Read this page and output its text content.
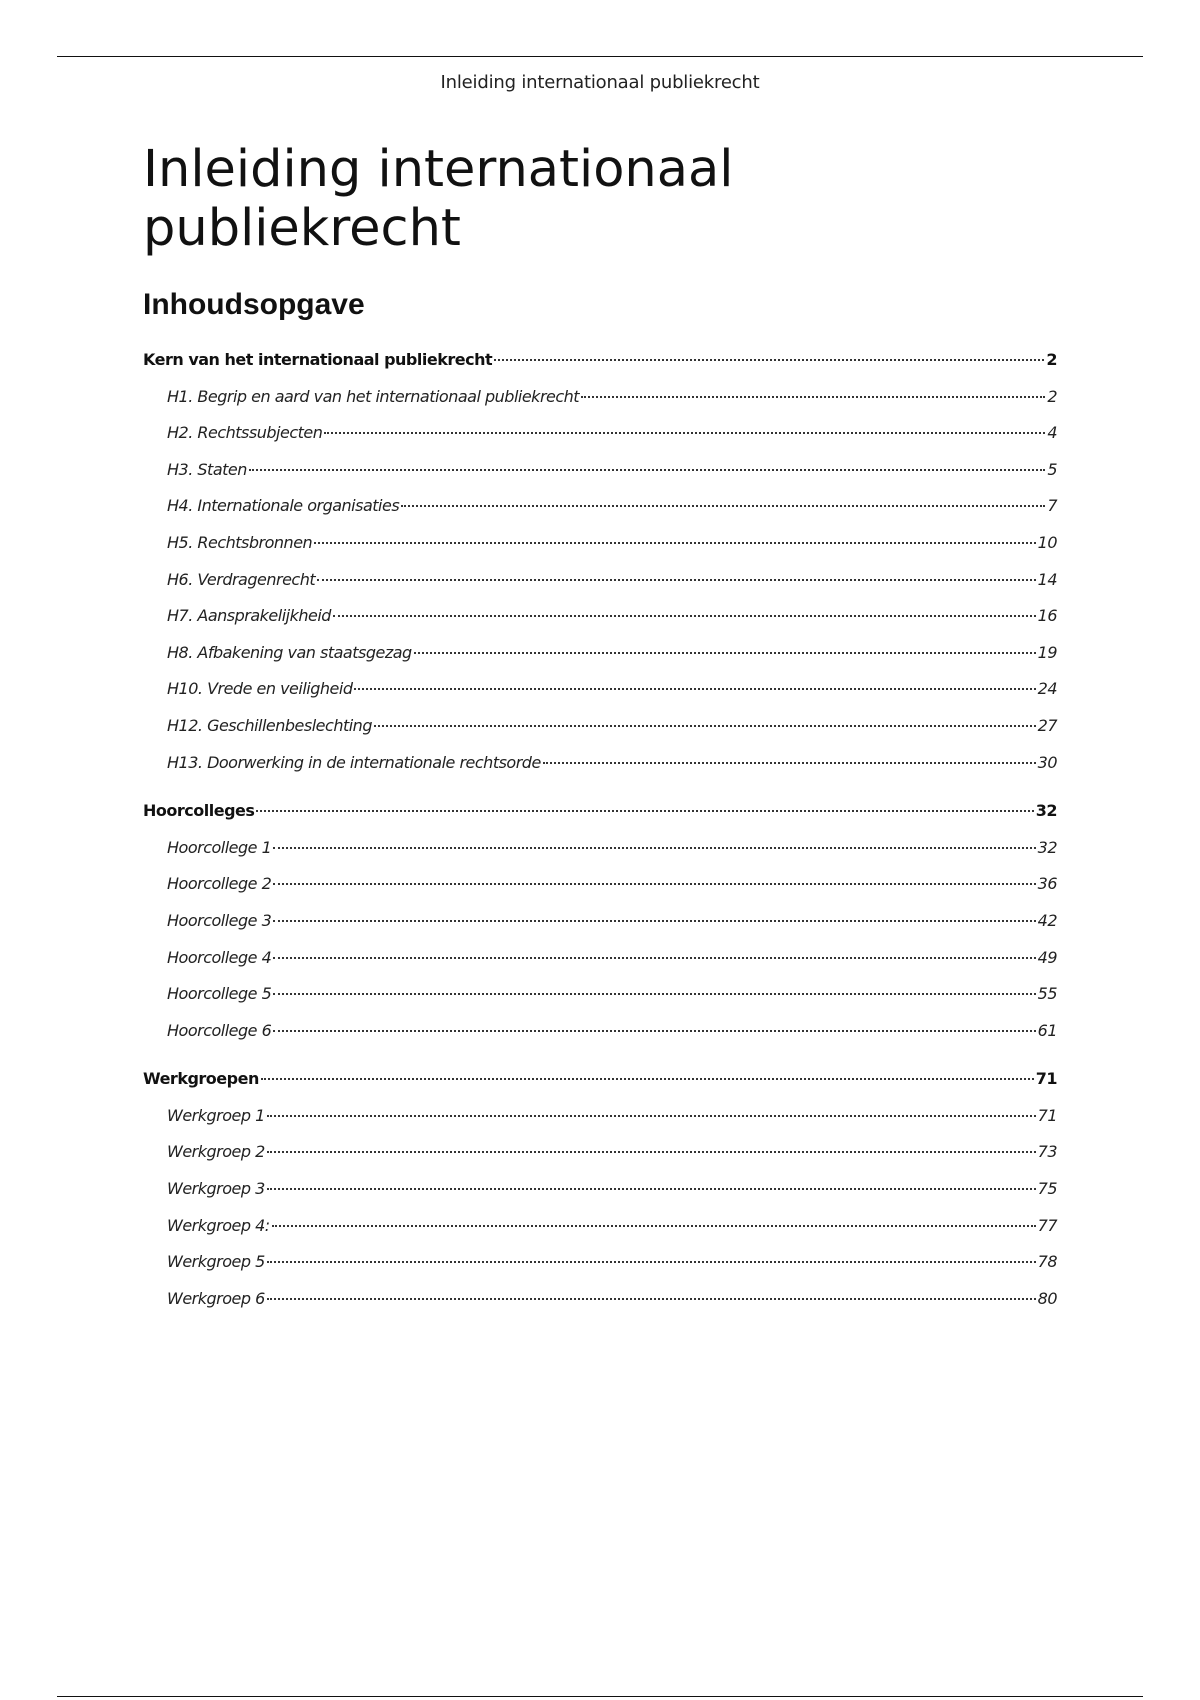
Inleiding internationaal publiekrecht
Inleiding internationaal publiekrecht
Inhoudsopgave
Kern van het internationaal publiekrecht	2
H1. Begrip en aard van het internationaal publiekrecht	2
H2. Rechtssubjecten	4
H3. Staten	5
H4. Internationale organisaties	7
H5. Rechtsbronnen	10
H6. Verdragenrecht	14
H7. Aansprakelijkheid	16
H8. Afbakening van staatsgezag	19
H10. Vrede en veiligheid	24
H12. Geschillenbeslechting	27
H13. Doorwerking in de internationale rechtsorde	30
Hoorcolleges	32
Hoorcollege 1	32
Hoorcollege 2	36
Hoorcollege 3	42
Hoorcollege 4	49
Hoorcollege 5	55
Hoorcollege 6	61
Werkgroepen	71
Werkgroep 1	71
Werkgroep 2	73
Werkgroep 3	75
Werkgroep 4:	77
Werkgroep 5	78
Werkgroep 6	80
